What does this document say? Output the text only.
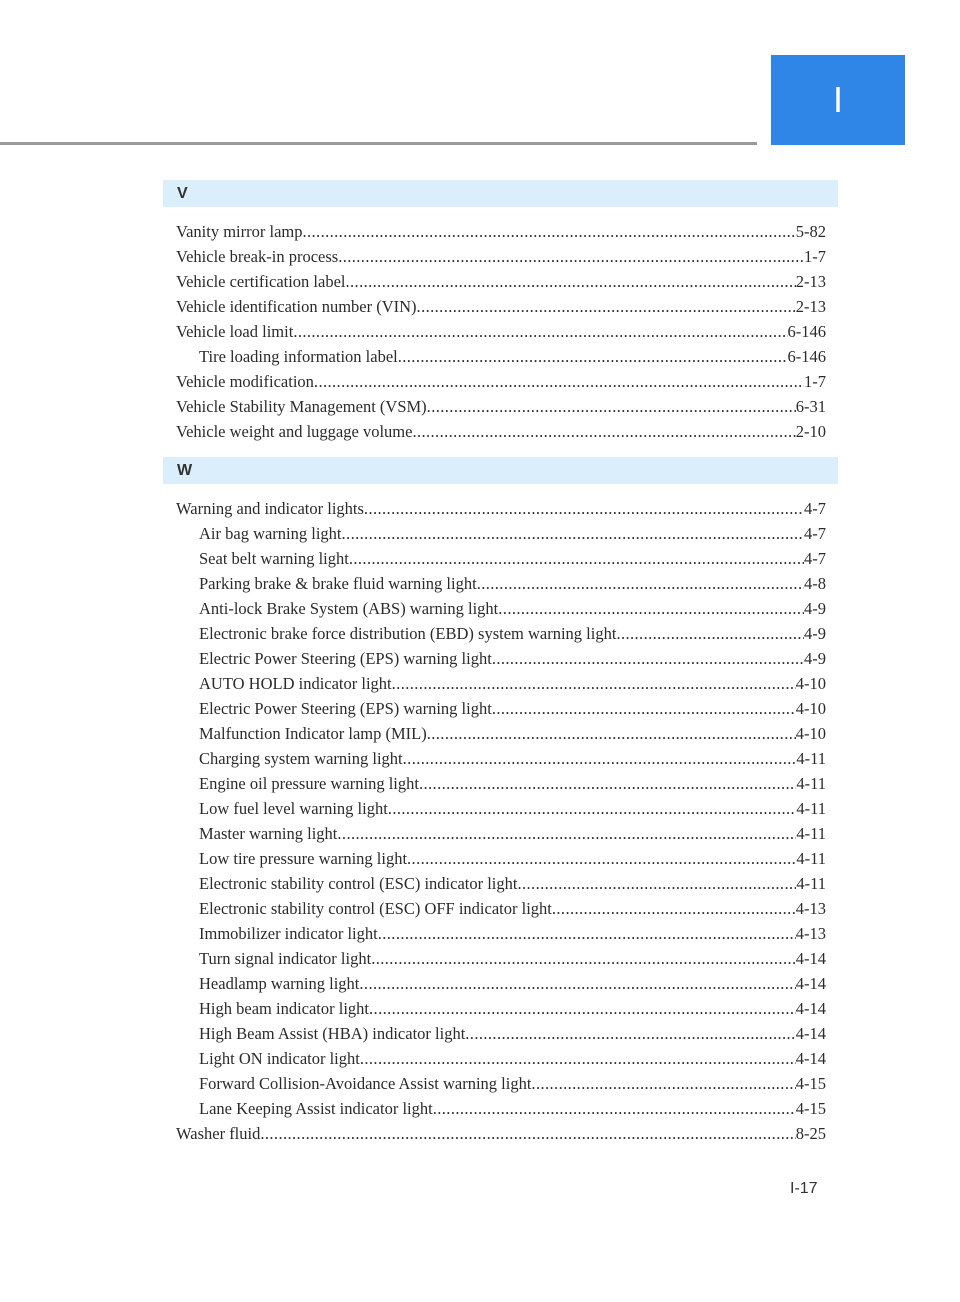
I
V
Vanity mirror lamp .....	5-82
Vehicle break-in process .....	1-7
Vehicle certification label .....	2-13
Vehicle identification number (VIN) .....	2-13
Vehicle load limit .....	6-146
Tire loading information label .....	6-146
Vehicle modification .....	1-7
Vehicle Stability Management (VSM) .....	6-31
Vehicle weight and luggage volume .....	2-10
W
Warning and indicator lights .....	4-7
Air bag warning light .....	4-7
Seat belt warning light .....	4-7
Parking brake & brake fluid warning light .....	4-8
Anti-lock Brake System (ABS) warning light .....	4-9
Electronic brake force distribution (EBD) system warning light .....	4-9
Electric Power Steering (EPS) warning light .....	4-9
AUTO HOLD indicator light .....	4-10
Electric Power Steering (EPS) warning light .....	4-10
Malfunction Indicator lamp (MIL) .....	4-10
Charging system warning light .....	4-11
Engine oil pressure warning light .....	4-11
Low fuel level warning light .....	4-11
Master warning light .....	4-11
Low tire pressure warning light .....	4-11
Electronic stability control (ESC) indicator light .....	4-11
Electronic stability control (ESC) OFF indicator light .....	4-13
Immobilizer indicator light .....	4-13
Turn signal indicator light .....	4-14
Headlamp warning light .....	4-14
High beam indicator light .....	4-14
High Beam Assist (HBA) indicator light .....	4-14
Light ON indicator light .....	4-14
Forward Collision-Avoidance Assist warning light .....	4-15
Lane Keeping Assist indicator light .....	4-15
Washer fluid .....	8-25
I-17
